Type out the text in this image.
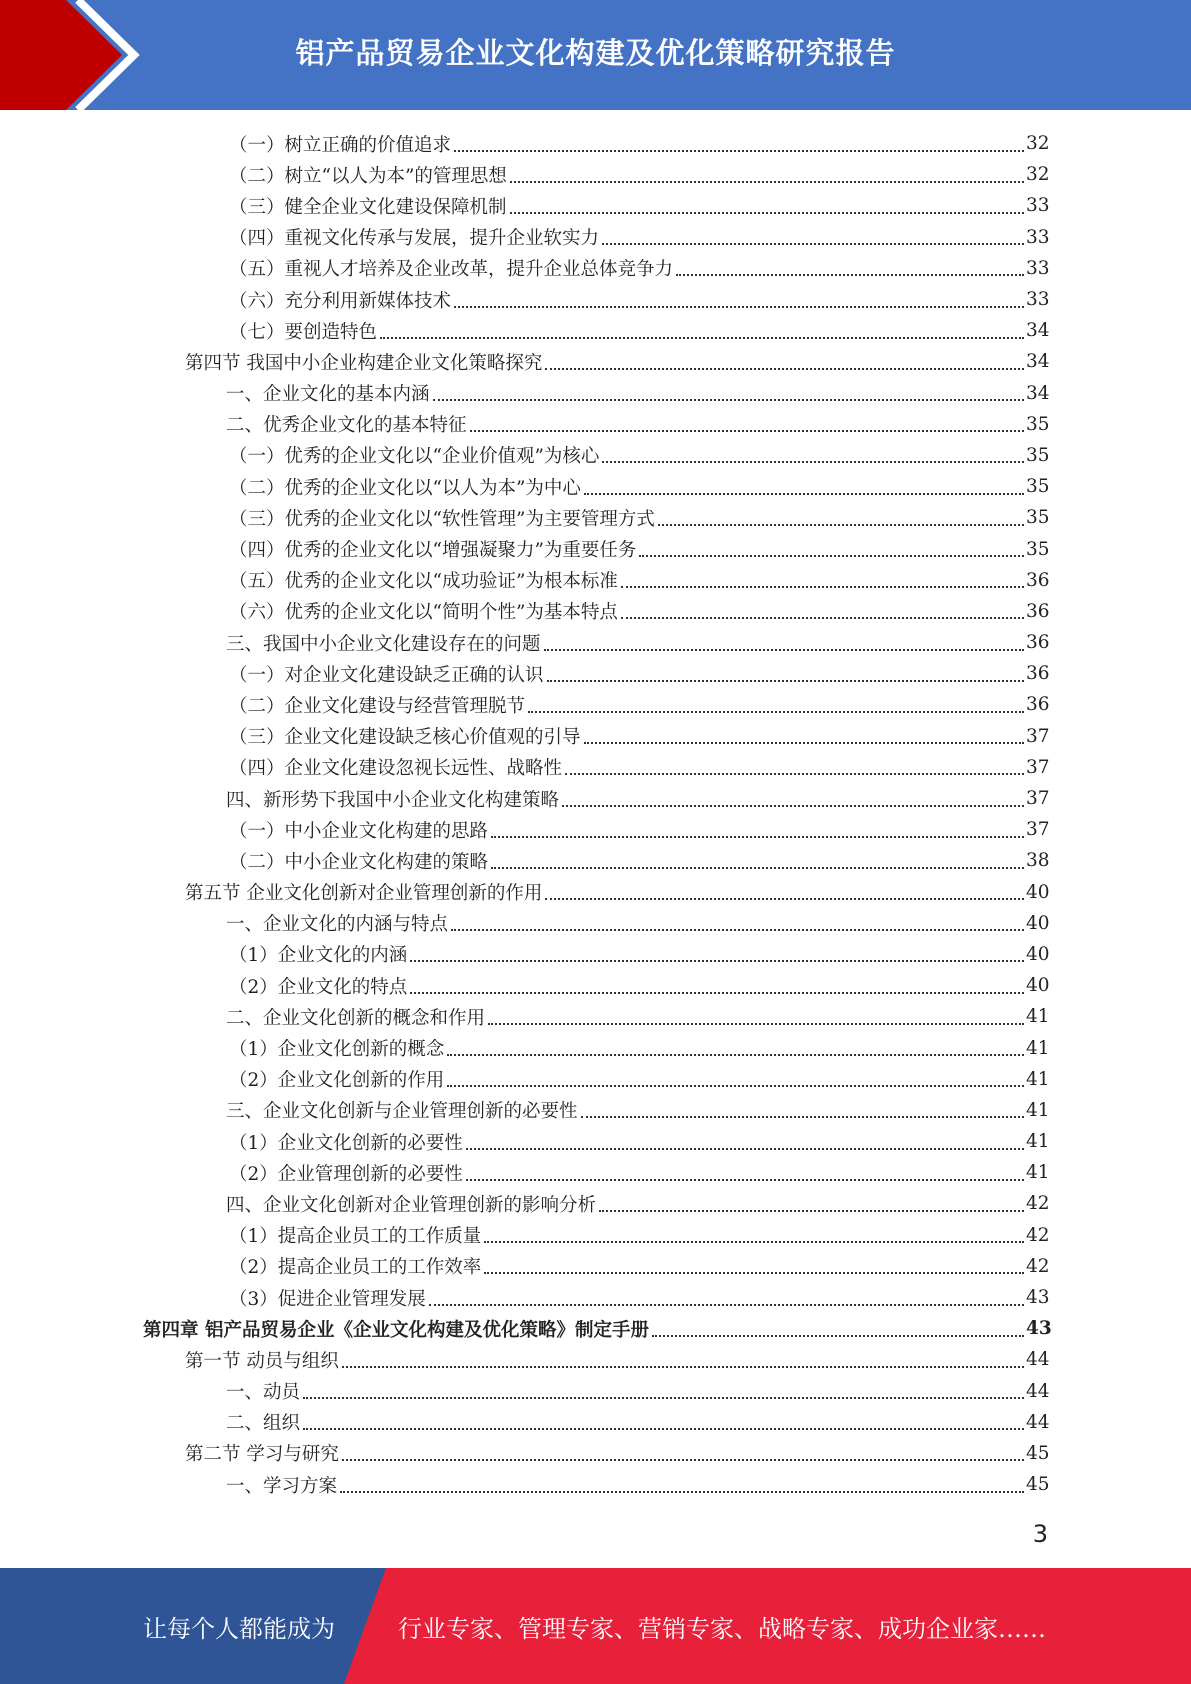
铝产品贸易企业文化构建及优化策略研究报告
（一）树立正确的价值追求	32
（二）树立“以人为本”的管理思想	32
（三）健全企业文化建设保障机制	33
（四）重视文化传承与发展，提升企业软实力	33
（五）重视人才培养及企业改革，提升企业总体竞争力	33
（六）充分利用新媒体技术	33
（七）要创造特色	34
第四节 我国中小企业构建企业文化策略探究	34
一、企业文化的基本内涵	34
二、优秀企业文化的基本特征	35
（一）优秀的企业文化以“企业价值观”为核心	35
（二）优秀的企业文化以“以人为本”为中心	35
（三）优秀的企业文化以“软性管理”为主要管理方式	35
（四）优秀的企业文化以“增强凝聚力”为重要任务	35
（五）优秀的企业文化以“成功验证”为根本标准	36
（六）优秀的企业文化以“简明个性”为基本特点	36
三、我国中小企业文化建设存在的问题	36
（一）对企业文化建设缺乏正确的认识	36
（二）企业文化建设与经营管理脱节	36
（三）企业文化建设缺乏核心价值观的引导	37
（四）企业文化建设忽视长远性、战略性	37
四、新形势下我国中小企业文化构建策略	37
（一）中小企业文化构建的思路	37
（二）中小企业文化构建的策略	38
第五节 企业文化创新对企业管理创新的作用	40
一、企业文化的内涵与特点	40
（1）企业文化的内涵	40
（2）企业文化的特点	40
二、企业文化创新的概念和作用	41
（1）企业文化创新的概念	41
（2）企业文化创新的作用	41
三、企业文化创新与企业管理创新的必要性	41
（1）企业文化创新的必要性	41
（2）企业管理创新的必要性	41
四、企业文化创新对企业管理创新的影响分析	42
（1）提高企业员工的工作质量	42
（2）提高企业员工的工作效率	42
（3）促进企业管理发展	43
第四章 铝产品贸易企业《企业文化构建及优化策略》制定手册	43
第一节 动员与组织	44
一、动员	44
二、组织	44
第二节 学习与研究	45
一、学习方案	45
3
让每个人都能成为	行业专家、管理专家、营销专家、战略专家、成功企业家……
